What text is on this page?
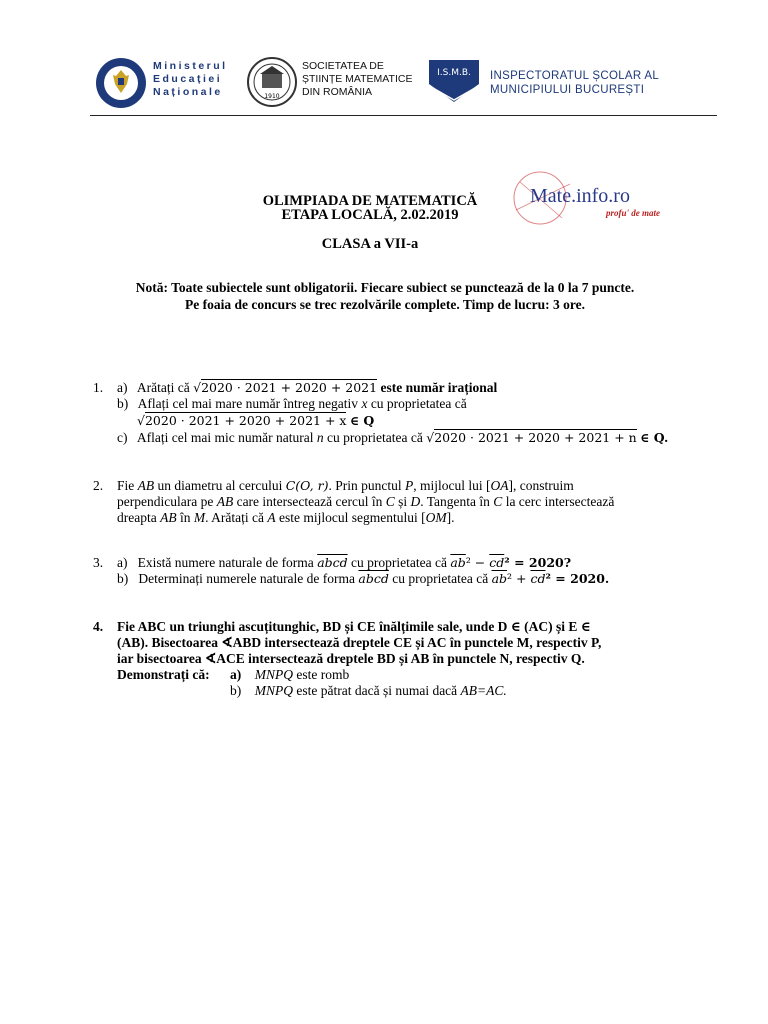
Ministerul
Educației
Naționale	1910
SOCIETATEA DE
ȘTIINȚE MATEMATICE
DIN ROMÂNIA
I.S.M.B. INSPECTORATUL ȘCOLAR AL
MUNICIPIULUI BUCUREȘTI
OLIMPIADA DE MATEMATICĂ
ETAPA LOCALĂ, 2.02.2019
CLASA a VII-a
Mate.info.ro
profu' de mate
Notă: Toate subiectele sunt obligatorii. Fiecare subiect se punctează de la 0 la 7 puncte.
Pe foaia de concurs se trec rezolvările complete. Timp de lucru: 3 ore.
1. a) Arătați că √2020 · 2021 + 2020 + 2021 este număr irațional
b) Aflați cel mai mare număr întreg negativ x cu proprietatea că
√2020 · 2021 + 2020 + 2021 + x ∈ Q
c) Aflați cel mai mic număr natural n cu proprietatea că √2020 · 2021 + 2020 + 2021 + n ∈ Q.
2. Fie AB un diametru al cercului C(O, r). Prin punctul P, mijlocul lui [OA], construim
perpendiculara pe AB care intersectează cercul în C și D. Tangenta în C la cerc intersectează
dreapta AB în M. Arătați că A este mijlocul segmentului [OM].
3. a) Există numere naturale de forma abcd cu proprietatea că $\overline{ab}^2 - \overline{cd}^2 = 2020$?
b) Determinați numerele naturale de forma abcd cu proprietatea că $\overline{ab}^2 + \overline{cd}^2 = 2020$.
4. Fie ABC un triunghi ascuțitunghic, BD și CE înălțimile sale, unde D ∈ (AC) și E ∈
(AB). Bisectoarea ∢ABD intersectează dreptele CE și AC în punctele M, respectiv P,
iar bisectoarea ∢ACE intersectează dreptele BD și AB în punctele N, respectiv Q.
Demonstrați că: a) MNPQ este romb
b) MNPQ este pătrat dacă și numai dacă AB=AC.
